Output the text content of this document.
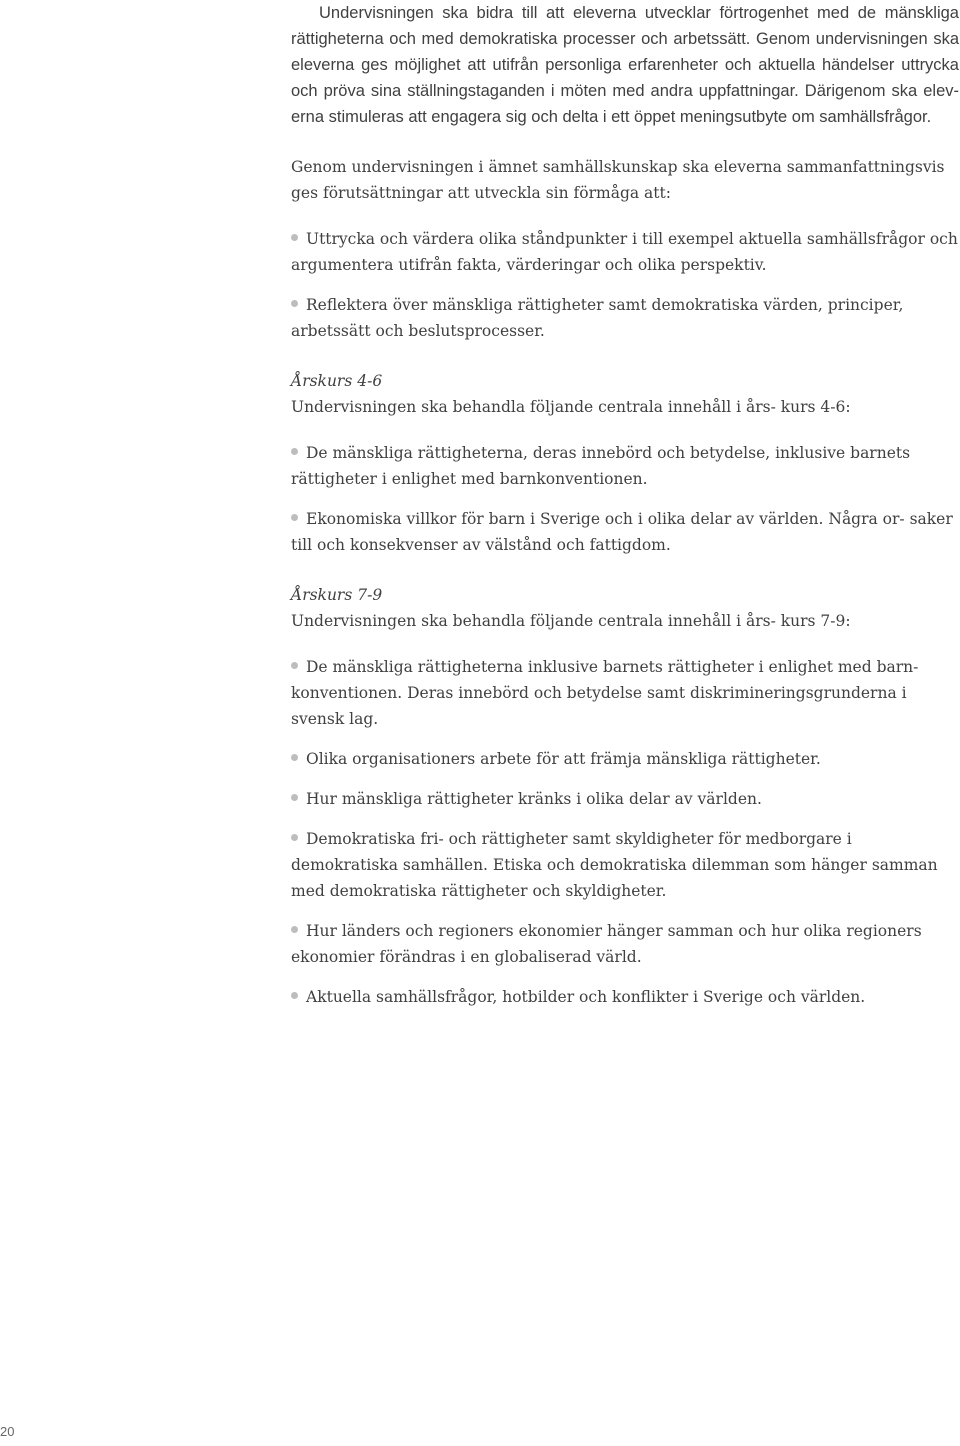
Undervisningen ska bidra till att eleverna utvecklar förtrogenhet med de mänskliga rättigheterna och med demokratiska processer och arbetssätt. Genom undervisningen ska eleverna ges möjlighet att utifrån personliga erfarenheter och aktuella händelser uttrycka och pröva sina ställningstaganden i möten med andra uppfattningar. Därigenom ska elev- erna stimuleras att engagera sig och delta i ett öppet meningsutbyte om samhällsfrågor.

Genom undervisningen i ämnet samhällskunskap ska eleverna sammanfattningsvis ges förutsättningar att utveckla sin förmåga att:

Uttrycka och värdera olika ståndpunkter i till exempel aktuella samhällsfrågor och argumentera utifrån fakta, värderingar och olika perspektiv.

Reflektera över mänskliga rättigheter samt demokratiska värden, principer, arbetssätt och beslutsprocesser.

Årskurs 4-6

Undervisningen ska behandla följande centrala innehåll i års- kurs 4-6:

De mänskliga rättigheterna, deras innebörd och betydelse, inklusive barnets rättigheter i enlighet med barnkonventionen.

Ekonomiska villkor för barn i Sverige och i olika delar av världen. Några or- saker till och konsekvenser av välstånd och fattigdom.

Årskurs 7-9

Undervisningen ska behandla följande centrala innehåll i års- kurs 7-9:

De mänskliga rättigheterna inklusive barnets rättigheter i enlighet med barn- konventionen. Deras innebörd och betydelse samt diskrimineringsgrunderna i svensk lag.

Olika organisationers arbete för att främja mänskliga rättigheter.

Hur mänskliga rättigheter kränks i olika delar av världen.

Demokratiska fri- och rättigheter samt skyldigheter för medborgare i demokratiska samhällen. Etiska och demokratiska dilemman som hänger samman med demokratiska rättigheter och skyldigheter.

Hur länders och regioners ekonomier hänger samman och hur olika regioners ekonomier förändras i en globaliserad värld.

Aktuella samhällsfrågor, hotbilder och konflikter i Sverige och världen.

20
